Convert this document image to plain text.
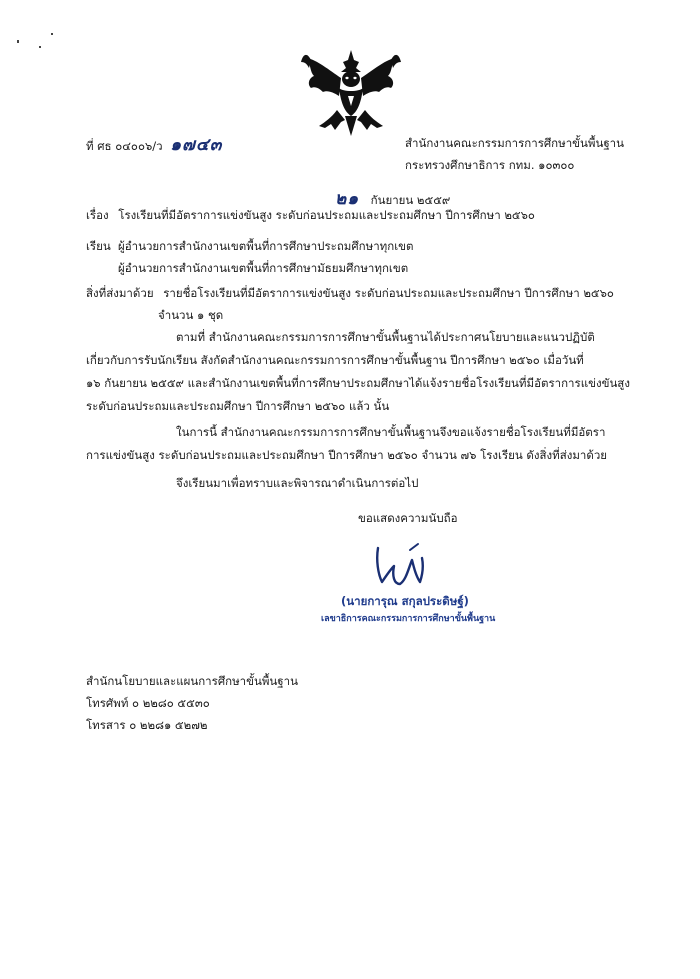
ที่ ศธ ๐๔๐๐๖/ว ๑๗๔๓	สำนักงานคณะกรรมการการศึกษาขั้นพื้นฐาน
กระทรวงศึกษาธิการ กทม. ๑๐๓๐๐
๒๑ กันยายน ๒๕๕๙
เรื่อง โรงเรียนที่มีอัตราการแข่งขันสูง ระดับก่อนประถมและประถมศึกษา ปีการศึกษา ๒๕๖๐
เรียน ผู้อำนวยการสำนักงานเขตพื้นที่การศึกษาประถมศึกษาทุกเขต
ผู้อำนวยการสำนักงานเขตพื้นที่การศึกษามัธยมศึกษาทุกเขต
สิ่งที่ส่งมาด้วย รายชื่อโรงเรียนที่มีอัตราการแข่งขันสูง ระดับก่อนประถมและประถมศึกษา ปีการศึกษา ๒๕๖๐
จำนวน ๑ ชุด
ตามที่ สำนักงานคณะกรรมการการศึกษาขั้นพื้นฐานได้ประกาศนโยบายและแนวปฏิบัติ
เกี่ยวกับการรับนักเรียน สังกัดสำนักงานคณะกรรมการการศึกษาขั้นพื้นฐาน ปีการศึกษา ๒๕๖๐ เมื่อวันที่
๑๖ กันยายน ๒๕๕๙ และสำนักงานเขตพื้นที่การศึกษาประถมศึกษาได้แจ้งรายชื่อโรงเรียนที่มีอัตราการแข่งขันสูง
ระดับก่อนประถมและประถมศึกษา ปีการศึกษา ๒๕๖๐ แล้ว นั้น
ในการนี้ สำนักงานคณะกรรมการการศึกษาขั้นพื้นฐานจึงขอแจ้งรายชื่อโรงเรียนที่มีอัตรา
การแข่งขันสูง ระดับก่อนประถมและประถมศึกษา ปีการศึกษา ๒๕๖๐ จำนวน ๗๖ โรงเรียน ดังสิ่งที่ส่งมาด้วย
จึงเรียนมาเพื่อทราบและพิจารณาดำเนินการต่อไป
ขอแสดงความนับถือ
(นายการุณ สกุลประดิษฐ์)
เลขาธิการคณะกรรมการการศึกษาขั้นพื้นฐาน
สำนักนโยบายและแผนการศึกษาขั้นพื้นฐาน
โทรศัพท์ ๐ ๒๒๘๐ ๕๕๓๐
โทรสาร ๐ ๒๒๘๑ ๕๒๗๒
